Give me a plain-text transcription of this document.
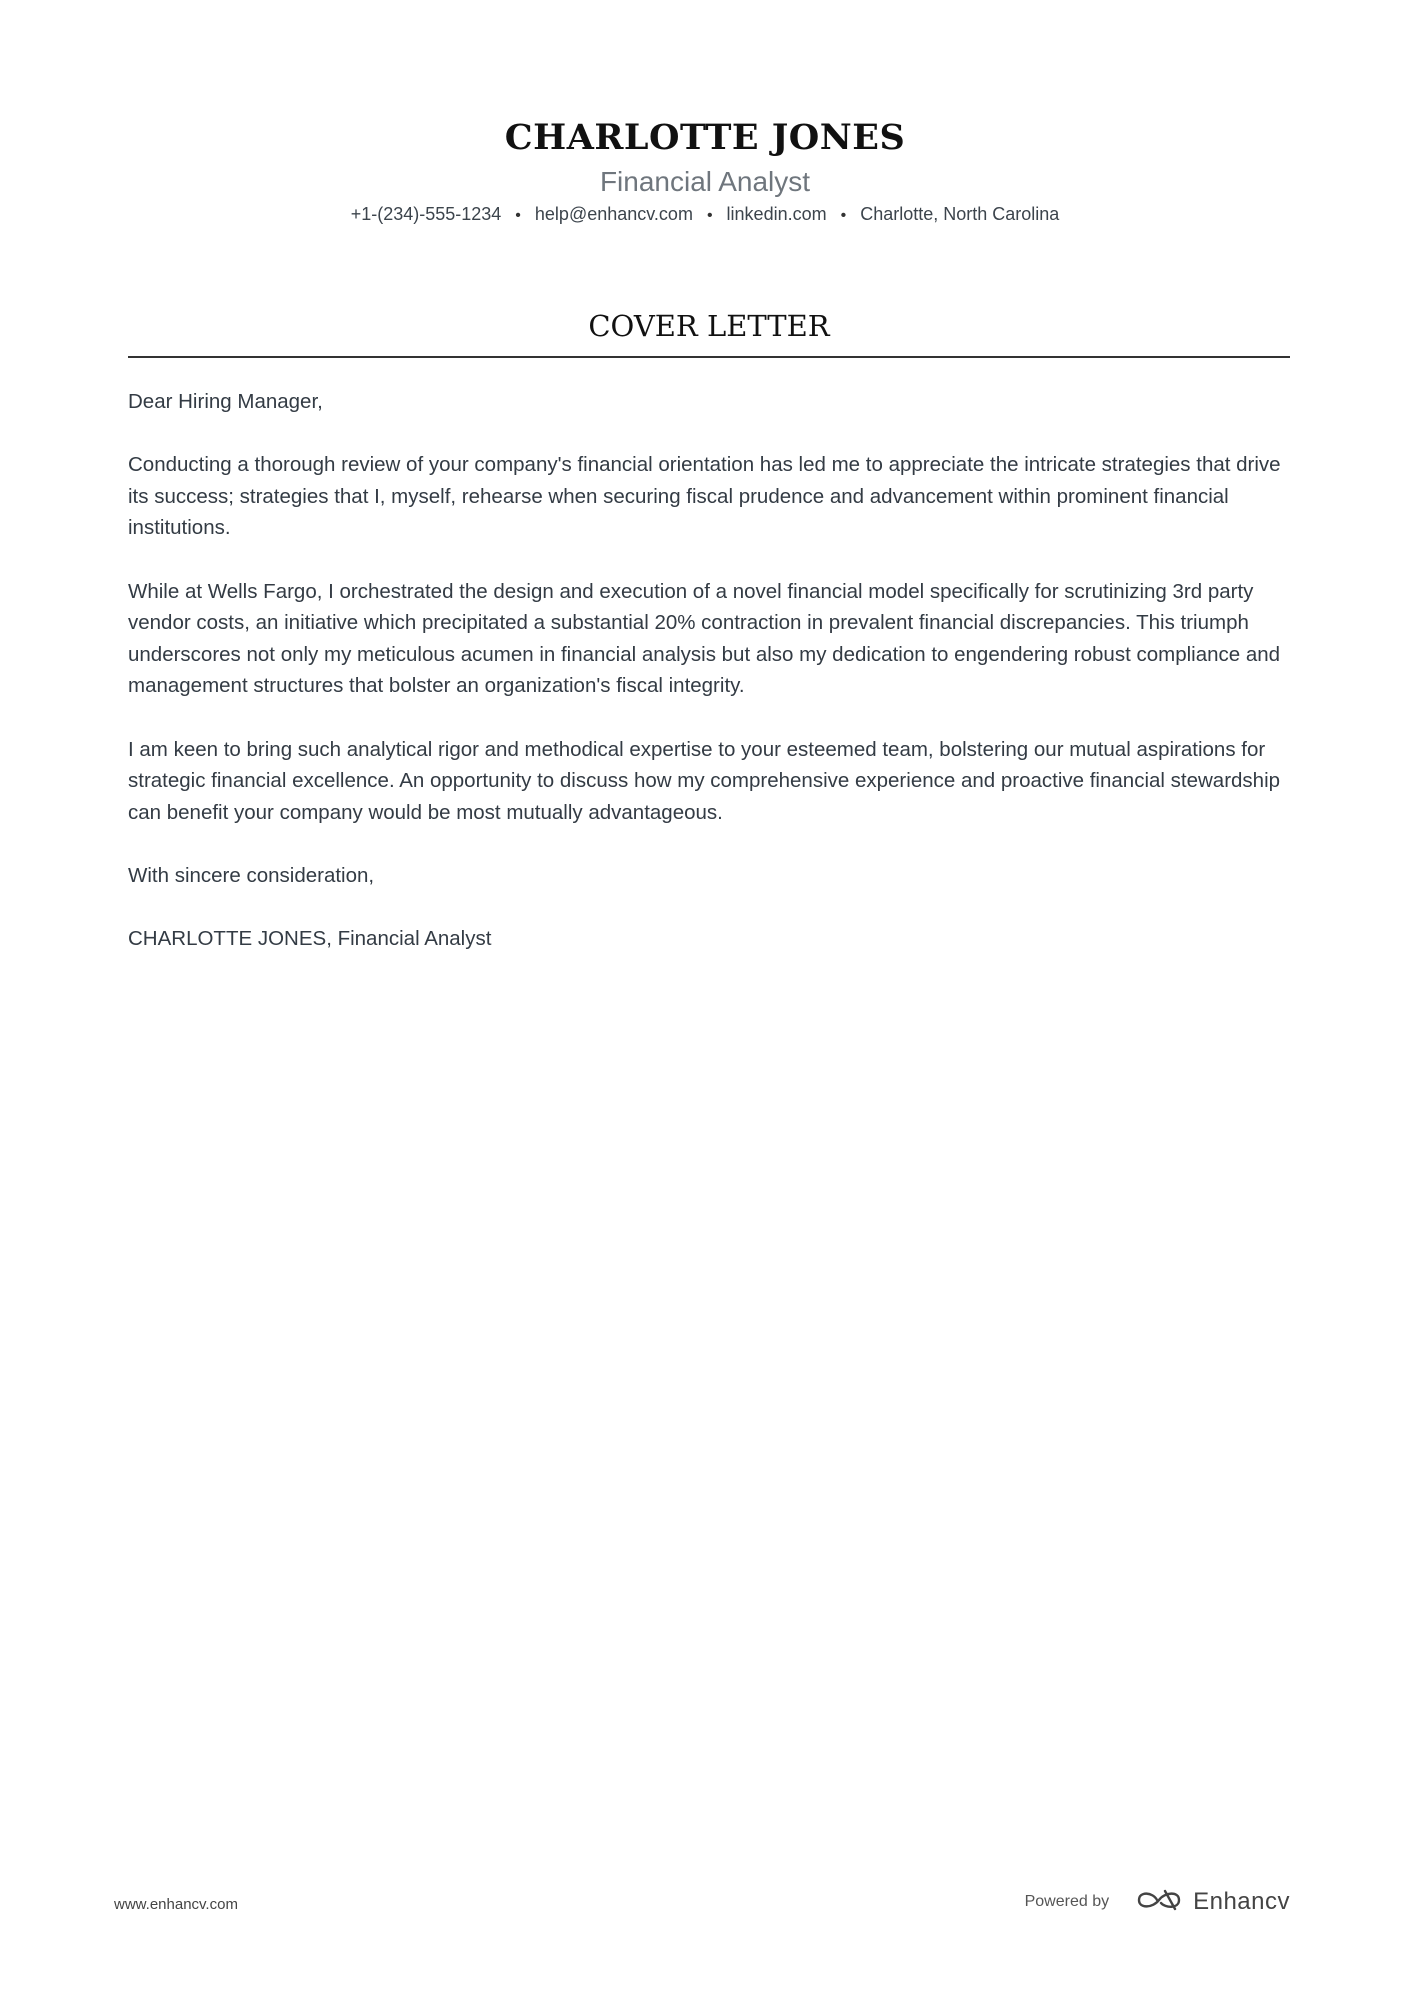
CHARLOTTE JONES
Financial Analyst
+1-(234)-555-1234 • help@enhancv.com • linkedin.com • Charlotte, North Carolina
COVER LETTER

Dear Hiring Manager,

Conducting a thorough review of your company's financial orientation has led me to appreciate the intricate strategies that drive its success; strategies that I, myself, rehearse when securing fiscal prudence and advancement within prominent financial institutions.

While at Wells Fargo, I orchestrated the design and execution of a novel financial model specifically for scrutinizing 3rd party vendor costs, an initiative which precipitated a substantial 20% contraction in prevalent financial discrepancies. This triumph underscores not only my meticulous acumen in financial analysis but also my dedication to engendering robust compliance and management structures that bolster an organization's fiscal integrity.

I am keen to bring such analytical rigor and methodical expertise to your esteemed team, bolstering our mutual aspirations for strategic financial excellence. An opportunity to discuss how my comprehensive experience and proactive financial stewardship can benefit your company would be most mutually advantageous.

With sincere consideration,

CHARLOTTE JONES, Financial Analyst

www.enhancv.com	Powered by	Enhancv
